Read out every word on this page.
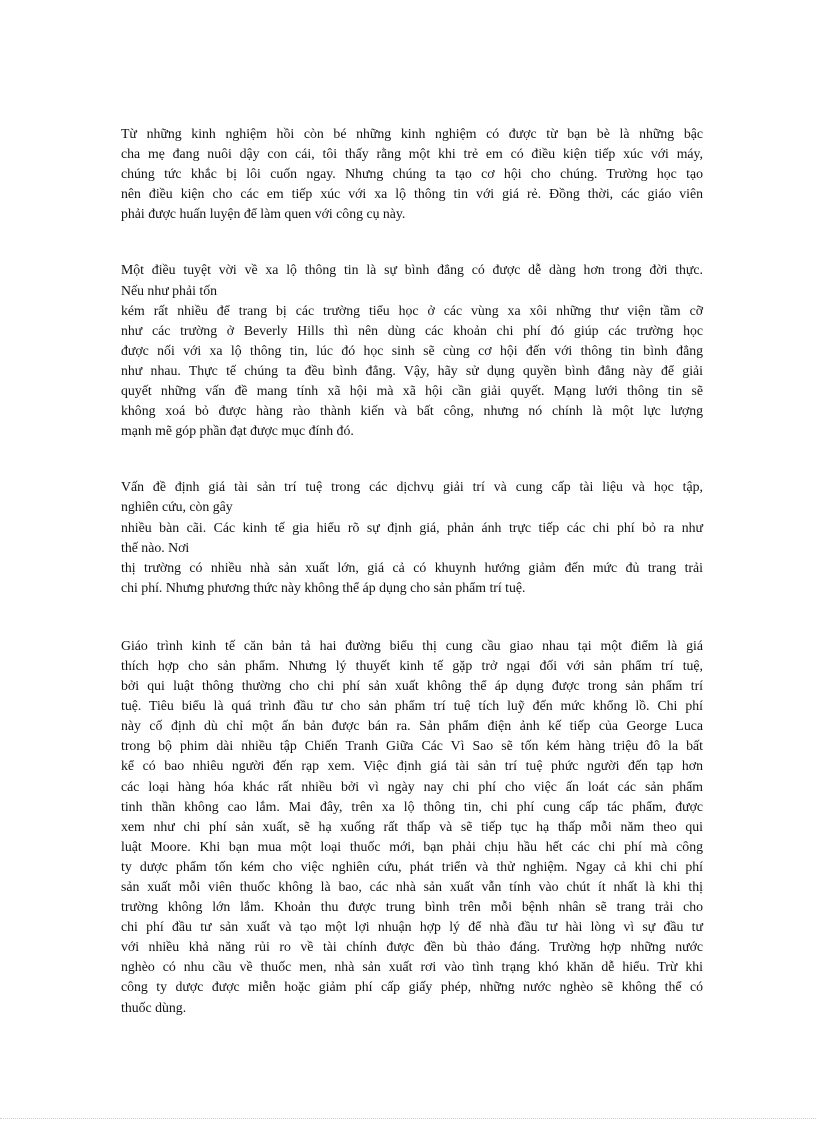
Từ những kinh nghiệm hồi còn bé những kinh nghiệm có được từ bạn bè là những bậc
cha mẹ đang nuôi dậy con cái, tôi thấy rằng một khi trẻ em có điều kiện tiếp xúc với máy,
chúng tức khắc bị lôi cuốn ngay. Nhưng chúng ta tạo cơ hội cho chúng. Trường học tạo
nên điều kiện cho các em tiếp xúc với xa lộ thông tin với giá rẻ. Đồng thời, các giáo viên
phải được huấn luyện để làm quen với công cụ này.
Một điều tuyệt vời về xa lộ thông tin là sự bình đẳng có được dễ dàng hơn trong đời thực.
Nếu như phải tốn
kém rất nhiều để trang bị các trường tiểu học ở các vùng xa xôi những thư viện tầm cỡ
như các trường ở Beverly Hills thì nên dùng các khoản chi phí đó giúp các trường học
được nối với xa lộ thông tin, lúc đó học sinh sẽ cùng cơ hội đến với thông tin bình đẳng
như nhau. Thực tế chúng ta đều bình đẳng. Vậy, hãy sử dụng quyền bình đẳng này để giải
quyết những vấn đề mang tính xã hội mà xã hội cần giải quyết. Mạng lưới thông tin sẽ
không xoá bỏ được hàng rào thành kiến và bất công, nhưng nó chính là một lực lượng
mạnh mẽ góp phần đạt được mục đính đó.
Vấn đề định giá tài sản trí tuệ trong các dịchvụ giải trí và cung cấp tài liệu và học tập,
nghiên cứu, còn gây
nhiều bàn cãi. Các kinh tế gia hiểu rõ sự định giá, phản ánh trực tiếp các chi phí bỏ ra như
thế nào. Nơi
thị trường có nhiều nhà sản xuất lớn, giá cả có khuynh hướng giảm đến mức đủ trang trải
chi phí. Nhưng phương thức này không thể áp dụng cho sản phẩm trí tuệ.
Giáo trình kinh tế căn bản tả hai đường biểu thị cung cầu giao nhau tại một điểm là giá
thích hợp cho sản phẩm. Nhưng lý thuyết kinh tế gặp trở ngại đối với sản phẩm trí tuệ,
bởi qui luật thông thường cho chi phí sản xuất không thể áp dụng được trong sản phẩm trí
tuệ. Tiêu biểu là quá trình đầu tư cho sản phẩm trí tuệ tích luỹ đến mức khổng lồ. Chi phí
này cố định dù chỉ một ấn bản được bán ra. Sản phẩm điện ảnh kế tiếp của George Luca
trong bộ phim dài nhiều tập Chiến Tranh Giữa Các Vì Sao sẽ tốn kém hàng triệu đô la bất
kể có bao nhiêu người đến rạp xem. Việc định giá tài sản trí tuệ phức người đến tạp hơn
các loại hàng hóa khác rất nhiều bởi vì ngày nay chi phí cho việc ấn loát các sản phẩm
tinh thần không cao lắm. Mai đây, trên xa lộ thông tin, chi phí cung cấp tác phẩm, được
xem như chi phí sản xuất, sẽ hạ xuống rất thấp và sẽ tiếp tục hạ thấp mỗi năm theo qui
luật Moore. Khi bạn mua một loại thuốc mới, bạn phải chịu hầu hết các chi phí mà công
ty dược phẩm tốn kém cho việc nghiên cứu, phát triển và thử nghiệm. Ngay cả khi chi phí
sản xuất mỗi viên thuốc không là bao, các nhà sản xuất vẫn tính vào chút ít nhất là khi thị
trường không lớn lắm. Khoản thu được trung bình trên mỗi bệnh nhân sẽ trang trải cho
chi phí đầu tư sản xuất và tạo một lợi nhuận hợp lý để nhà đầu tư hài lòng vì sự đầu tư
với nhiều khả năng rủi ro về tài chính được đền bù thảo đáng. Trường hợp những nước
nghèo có nhu cầu về thuốc men, nhà sản xuất rơi vào tình trạng khó khăn dễ hiểu. Trừ khi
công ty dược được miễn hoặc giảm phí cấp giấy phép, những nước nghèo sẽ không thể có
thuốc dùng.
